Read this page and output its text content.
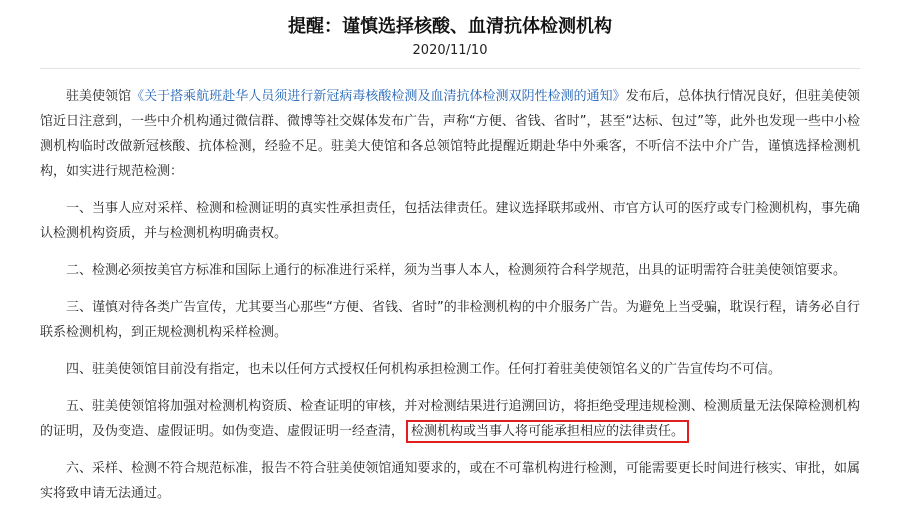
提醒：谨慎选择核酸、血清抗体检测机构
2020/11/10

驻美使领馆《关于搭乘航班赴华人员须进行新冠病毒核酸检测及血清抗体检测双阴性检测的通知》发布后，总体执行情况良好，但驻美使领馆近日注意到，一些中介机构通过微信群、微博等社交媒体发布广告，声称“方便、省钱、省时”，甚至“达标、包过”等，此外也发现一些中小检测机构临时改做新冠核酸、抗体检测，经验不足。驻美大使馆和各总领馆特此提醒近期赴华中外乘客，不听信不法中介广告，谨慎选择检测机构，如实进行规范检测：

一、当事人应对采样、检测和检测证明的真实性承担责任，包括法律责任。建议选择联邦或州、市官方认可的医疗或专门检测机构，事先确认检测机构资质，并与检测机构明确责权。

二、检测必须按美官方标准和国际上通行的标准进行采样，须为当事人本人，检测须符合科学规范，出具的证明需符合驻美使领馆要求。

三、谨慎对待各类广告宣传，尤其要当心那些“方便、省钱、省时”的非检测机构的中介服务广告。为避免上当受骗，耽误行程，请务必自行联系检测机构，到正规检测机构采样检测。

四、驻美使领馆目前没有指定，也未以任何方式授权任何机构承担检测工作。任何打着驻美使领馆名义的广告宣传均不可信。

五、驻美使领馆将加强对检测机构资质、检查证明的审核，并对检测结果进行追溯回访，将拒绝受理违规检测、检测质量无法保障检测机构的证明，及伪变造、虚假证明。如伪变造、虚假证明一经查清， 检测机构或当事人将可能承担相应的法律责任。

六、采样、检测不符合规范标准，报告不符合驻美使领馆通知要求的，或在不可靠机构进行检测，可能需要更长时间进行核实、审批，如属实将致申请无法通过。
